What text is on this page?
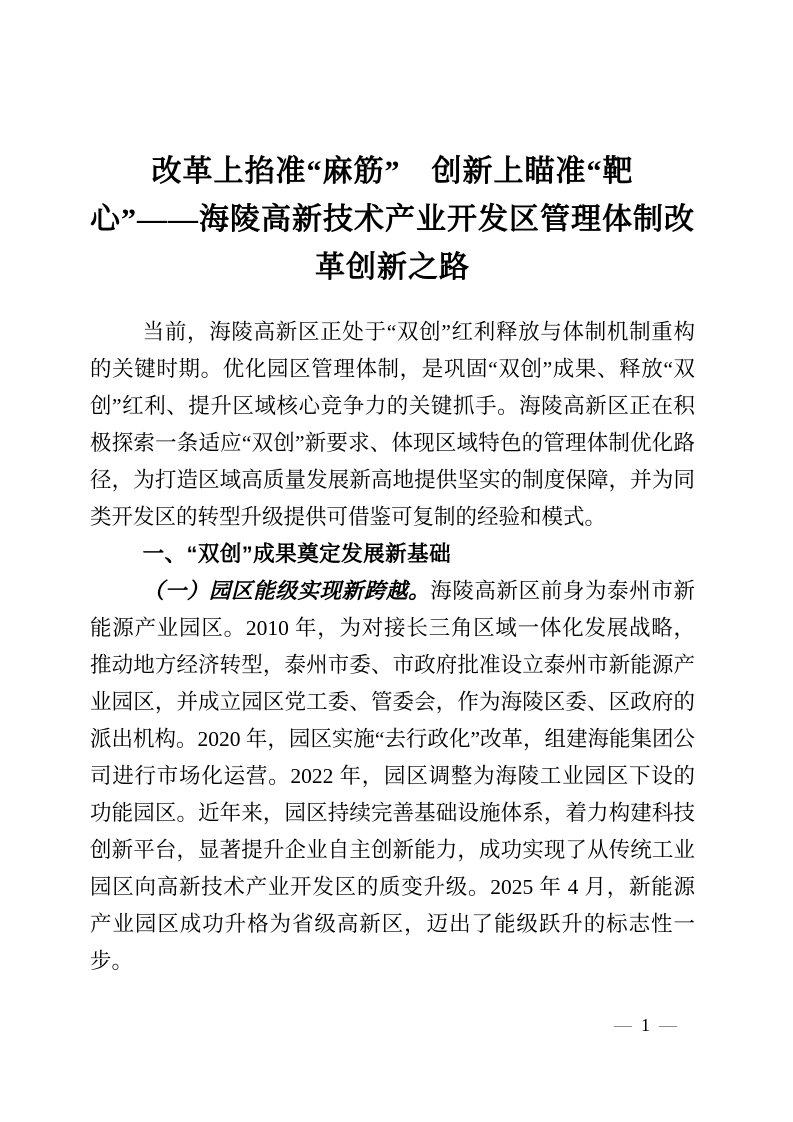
改革上掐准“麻筋”　创新上瞄准“靶
心”——海陵高新技术产业开发区管理体制改
革创新之路

当前，海陵高新区正处于“双创”红利释放与体制机制重构的关键时期。优化园区管理体制，是巩固“双创”成果、释放“双创”红利、提升区域核心竞争力的关键抓手。海陵高新区正在积极探索一条适应“双创”新要求、体现区域特色的管理体制优化路径，为打造区域高质量发展新高地提供坚实的制度保障，并为同类开发区的转型升级提供可借鉴可复制的经验和模式。

一、“双创”成果奠定发展新基础

（一）园区能级实现新跨越。海陵高新区前身为泰州市新能源产业园区。2010 年，为对接长三角区域一体化发展战略，推动地方经济转型，泰州市委、市政府批准设立泰州市新能源产业园区，并成立园区党工委、管委会，作为海陵区委、区政府的派出机构。2020 年，园区实施“去行政化”改革，组建海能集团公司进行市场化运营。2022 年，园区调整为海陵工业园区下设的功能园区。近年来，园区持续完善基础设施体系，着力构建科技创新平台，显著提升企业自主创新能力，成功实现了从传统工业园区向高新技术产业开发区的质变升级。2025 年 4 月，新能源产业园区成功升格为省级高新区，迈出了能级跃升的标志性一步。

— 1 —
